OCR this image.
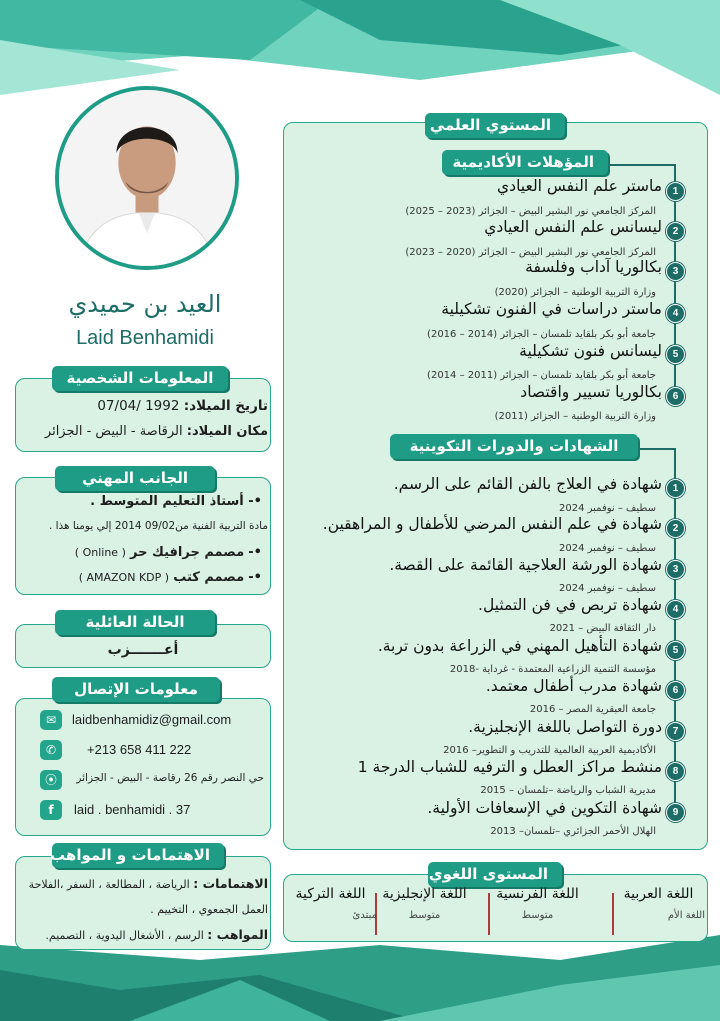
العيد بن حميدي
Laid Benhamidi
المعلومات الشخصية
تاريخ الميلاد: 1992 /07/04
مكان الميلاد: الرقاصة - البيض - الجزائر
الجانب المهني
•- أستاذ التعليم المتوسط .
مادة التربية الفنية من09/02 2014 إلي يومنا هذا .
•- مصمم جرافيك حر ( Online )
•- مصمم كتب ( AMAZON KDP )
الحالة العائلية
أعـــــــزب
معلومات الإتصال
✉	laidbenhamidiz@gmail.com
✆	+213 658 411 222
⦿	حي النصر رقم 26 رقاصة - البيض - الجزائر
f	laid . benhamidi . 37
الاهتمامات و المواهب
الاهتمامات : الرياضة ، المطالعة ، السفر ،الفلاحة
العمل الجمعوي ، التخييم .
المواهب : الرسم ، الأشغال اليدوية ، التصميم.
المستوي العلمي
المؤهلات الأكاديمية
1
ماستر علم النفس العيادي
المركز الجامعي نور البشير البيض – الجزائر (2023 – 2025)
2
ليسانس علم النفس العيادي
المركز الجامعي نور البشير البيض – الجزائر (2020 – 2023)
3
بكالوريا آداب وفلسفة
وزارة التربية الوطنية – الجزائر (2020)
4
ماستر دراسات في الفنون تشكيلية
جامعة أبو بكر بلقايد تلمسان – الجزائر (2014 – 2016)
5
ليسانس فنون تشكيلية
جامعة أبو بكر بلقايد تلمسان – الجزائر (2011 – 2014)
6
بكالوريا تسيير واقتصاد
وزارة التربية الوطنية – الجزائر (2011)
الشهادات والدورات التكوينية
1
شهادة في العلاج بالفن القائم على الرسم.
سطيف – نوفمبر 2024
2
شهادة في علم النفس المرضي للأطفال و المراهقين.
سطيف – نوفمبر 2024
3
شهادة الورشة العلاجية القائمة على القصة.
سطيف – نوفمبر 2024
4
شهادة تربص في فن التمثيل.
دار الثقافة البيض – 2021
5
شهادة التأهيل المهني في الزراعة بدون تربة.
مؤسسة التنمية الزراعية المعتمدة - غرداية -2018
6
شهادة مدرب أطفال معتمد.
جامعة العبقرية المصر – 2016
7
دورة التواصل باللغة الإنجليزية.
الأكاديمية العربية العالمية للتدريب و التطوير– 2016
8
منشط مراكز العطل و الترفيه للشباب الدرجة 1
مديرية الشباب والرياضة –تلمسان – 2015
9
شهادة التكوين في الإسعافات الأولية.
الهلال الأحمر الجزائري –تلمسان– 2013
المستوى اللغوي
اللغة العربية
اللغة الأم
اللغة الفرنسية
متوسط
اللغة الإنجليزية
متوسط
اللغة التركية
مبتدئ
